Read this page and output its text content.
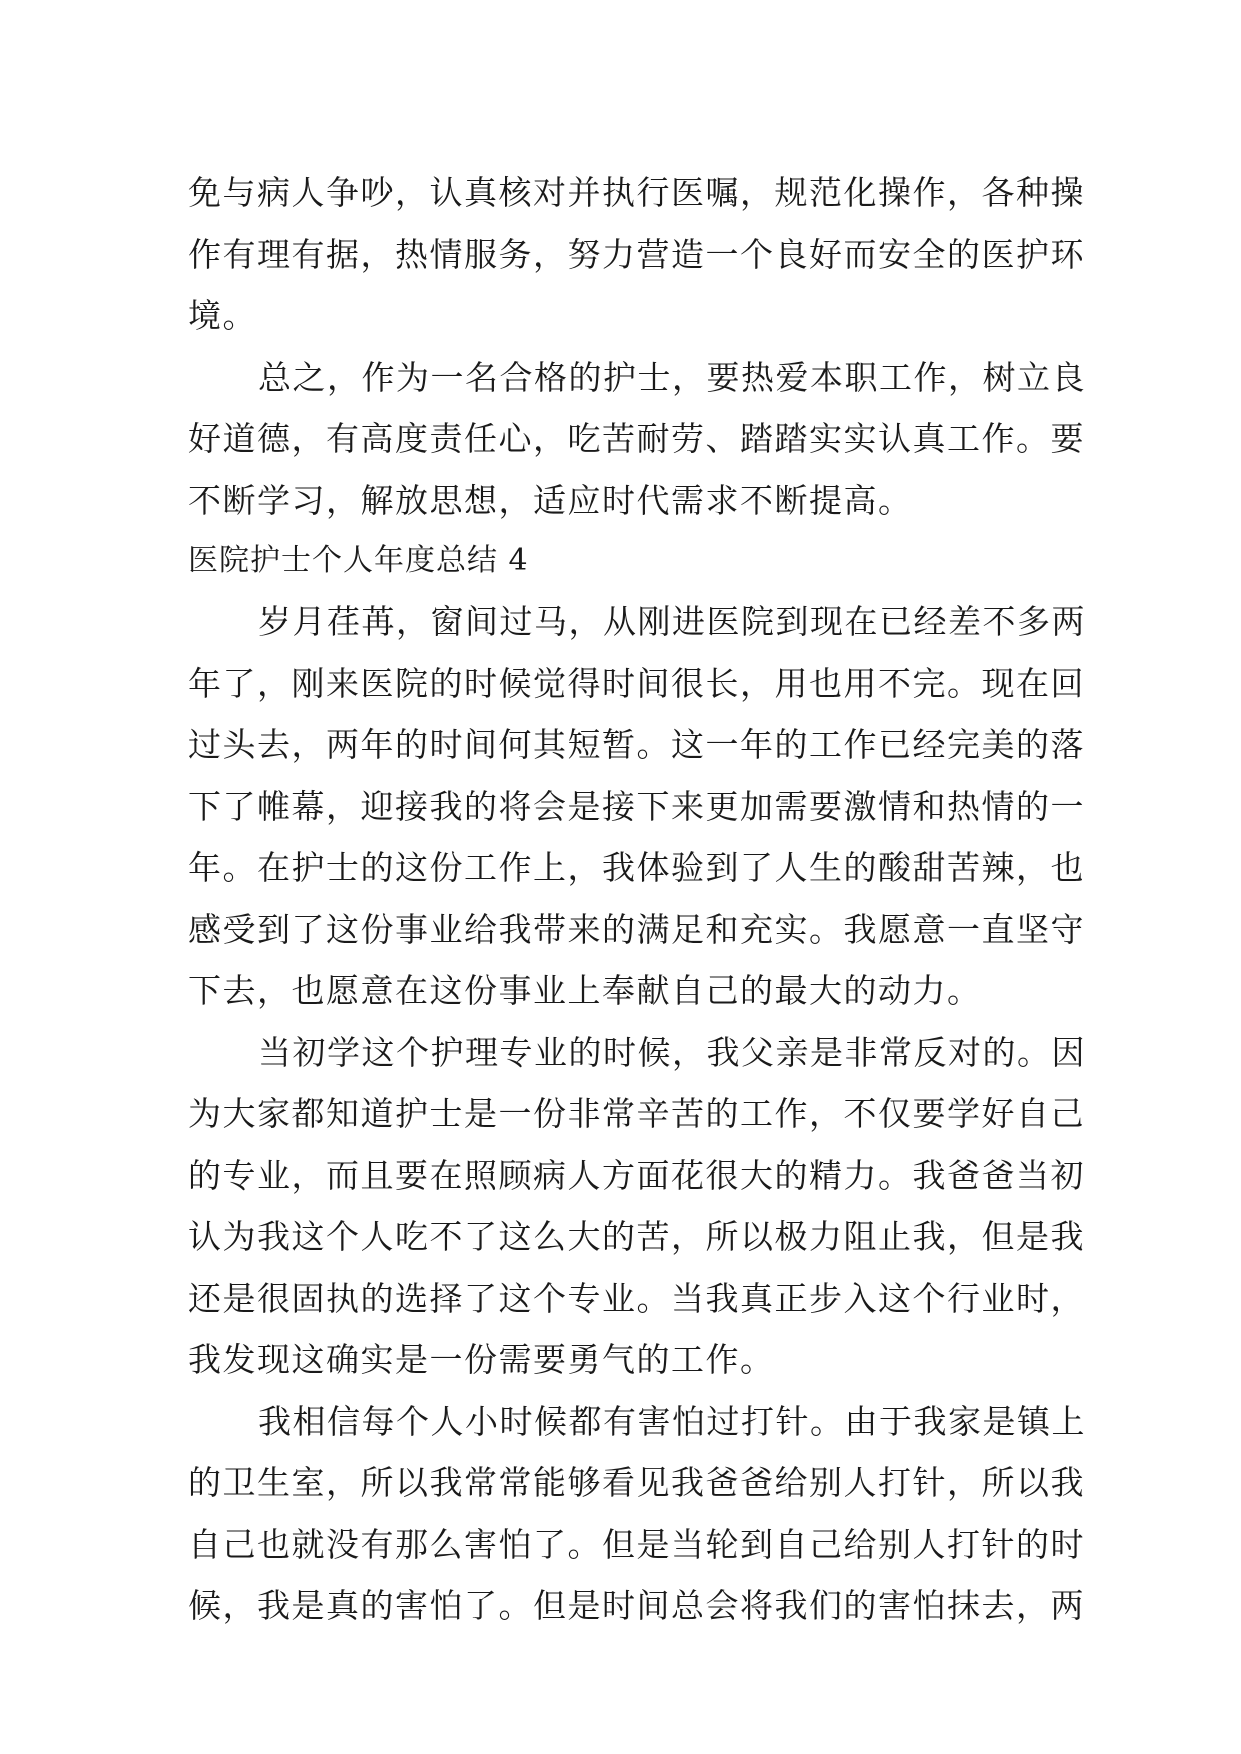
免与病人争吵，认真核对并执行医嘱，规范化操作，各种操
作有理有据，热情服务，努力营造一个良好而安全的医护环
境。

总之，作为一名合格的护士，要热爱本职工作，树立良
好道德，有高度责任心，吃苦耐劳、踏踏实实认真工作。要
不断学习，解放思想，适应时代需求不断提高。

医院护士个人年度总结 4

岁月荏苒，窗间过马，从刚进医院到现在已经差不多两
年了，刚来医院的时候觉得时间很长，用也用不完。现在回
过头去，两年的时间何其短暂。这一年的工作已经完美的落
下了帷幕，迎接我的将会是接下来更加需要激情和热情的一
年。在护士的这份工作上，我体验到了人生的酸甜苦辣，也
感受到了这份事业给我带来的满足和充实。我愿意一直坚守
下去，也愿意在这份事业上奉献自己的最大的动力。

当初学这个护理专业的时候，我父亲是非常反对的。因
为大家都知道护士是一份非常辛苦的工作，不仅要学好自己
的专业，而且要在照顾病人方面花很大的精力。我爸爸当初
认为我这个人吃不了这么大的苦，所以极力阻止我，但是我
还是很固执的选择了这个专业。当我真正步入这个行业时，
我发现这确实是一份需要勇气的工作。

我相信每个人小时候都有害怕过打针。由于我家是镇上
的卫生室，所以我常常能够看见我爸爸给别人打针，所以我
自己也就没有那么害怕了。但是当轮到自己给别人打针的时
候，我是真的害怕了。但是时间总会将我们的害怕抹去，两
